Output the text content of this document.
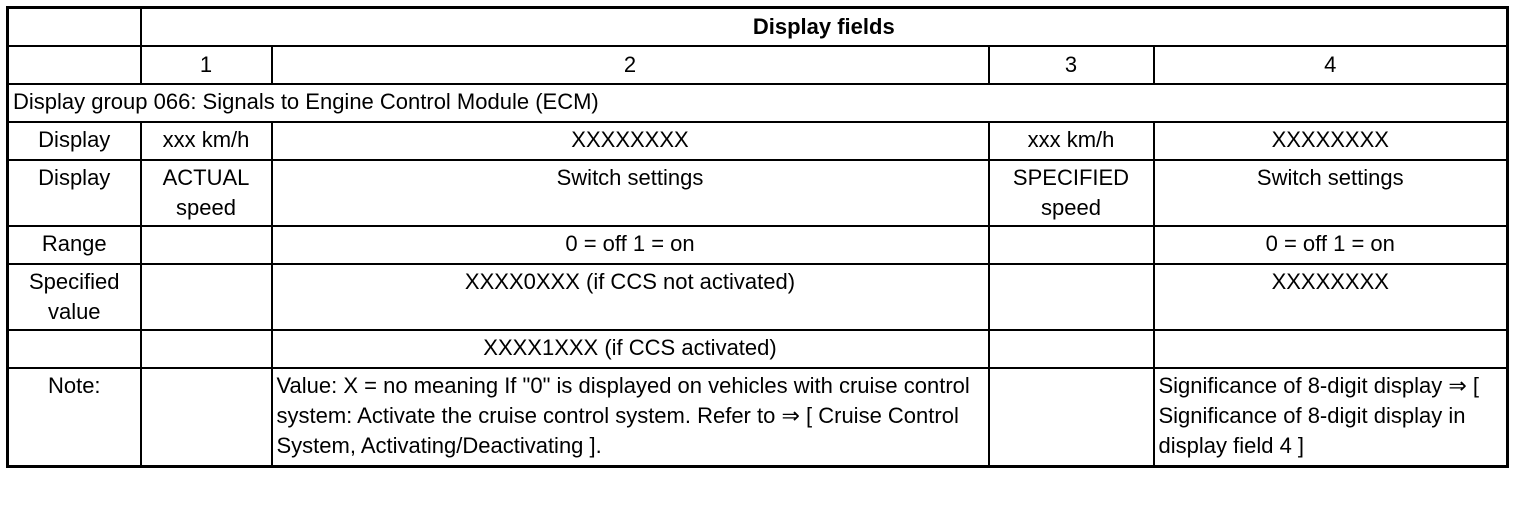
	Display fields			
	1	2	3	4
Display group 066: Signals to Engine Control Module (ECM)				
Display	xxx km/h	XXXXXXXX	xxx km/h	XXXXXXXX
Display	ACTUAL speed	Switch settings	SPECIFIED speed	Switch settings
Range		0 = off 1 = on		0 = off 1 = on
Specified value		XXXX0XXX (if CCS not activated)		XXXXXXXX
		XXXX1XXX (if CCS activated)		
Note:		Value: X = no meaning If "0" is displayed on vehicles with cruise control system: Activate the cruise control system. Refer to ⇒ [ Cruise Control System, Activating/Deactivating ].		Significance of 8-digit display ⇒ [ Significance of 8-digit display in display field 4 ]
